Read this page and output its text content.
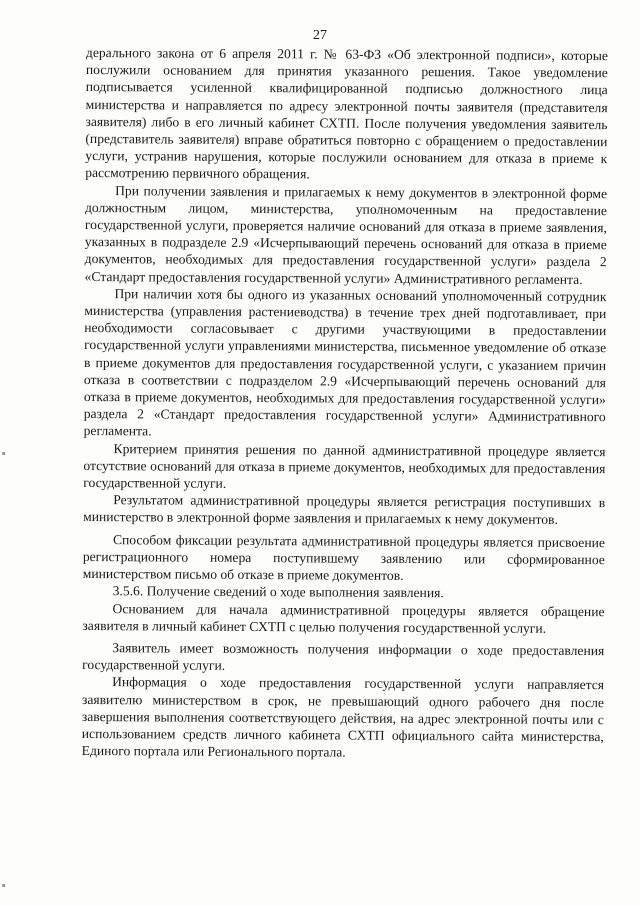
27

дерального закона от 6 апреля 2011 г. № 63-ФЗ «Об электронной подписи», которые послужили основанием для принятия указанного решения. Такое уведомление подписывается усиленной квалифицированной подписью должностного лица министерства и направляется по адресу электронной почты заявителя (представителя заявителя) либо в его личный кабинет СХТП. После получения уведомления заявитель (представитель заявителя) вправе обратиться повторно с обращением о предоставлении услуги, устранив нарушения, которые послужили основанием для отказа в приеме к рассмотрению первичного обращения.

При получении заявления и прилагаемых к нему документов в электронной форме должностным лицом, министерства, уполномоченным на предоставление государственной услуги, проверяется наличие оснований для отказа в приеме заявления, указанных в подразделе 2.9 «Исчерпывающий перечень оснований для отказа в приеме документов, необходимых для предоставления государственной услуги» раздела 2 «Стандарт предоставления государственной услуги» Административного регламента.

При наличии хотя бы одного из указанных оснований уполномоченный сотрудник министерства (управления растениеводства) в течение трех дней подготавливает, при необходимости согласовывает с другими участвующими в предоставлении государственной услуги управлениями министерства, письменное уведомление об отказе в приеме документов для предоставления государственной услуги, с указанием причин отказа в соответствии с подразделом 2.9 «Исчерпывающий перечень оснований для отказа в приеме документов, необходимых для предоставления государственной услуги» раздела 2 «Стандарт предоставления государственной услуги» Административного регламента.

Критерием принятия решения по данной административной процедуре является отсутствие оснований для отказа в приеме документов, необходимых для предоставления государственной услуги.

Результатом административной процедуры является регистрация поступивших в министерство в электронной форме заявления и прилагаемых к нему документов.

Способом фиксации результата административной процедуры является присвоение регистрационного номера поступившему заявлению или сформированное министерством письмо об отказе в приеме документов.

3.5.6. Получение сведений о ходе выполнения заявления.

Основанием для начала административной процедуры является обращение заявителя в личный кабинет СХТП с целью получения государственной услуги.

Заявитель имеет возможность получения информации о ходе предоставления государственной услуги.

Информация о ходе предоставления государственной услуги направляется заявителю министерством в срок, не превышающий одного рабочего дня после завершения выполнения соответствующего действия, на адрес электронной почты или с использованием средств личного кабинета СХТП официального сайта министерства, Единого портала или Регионального портала.
